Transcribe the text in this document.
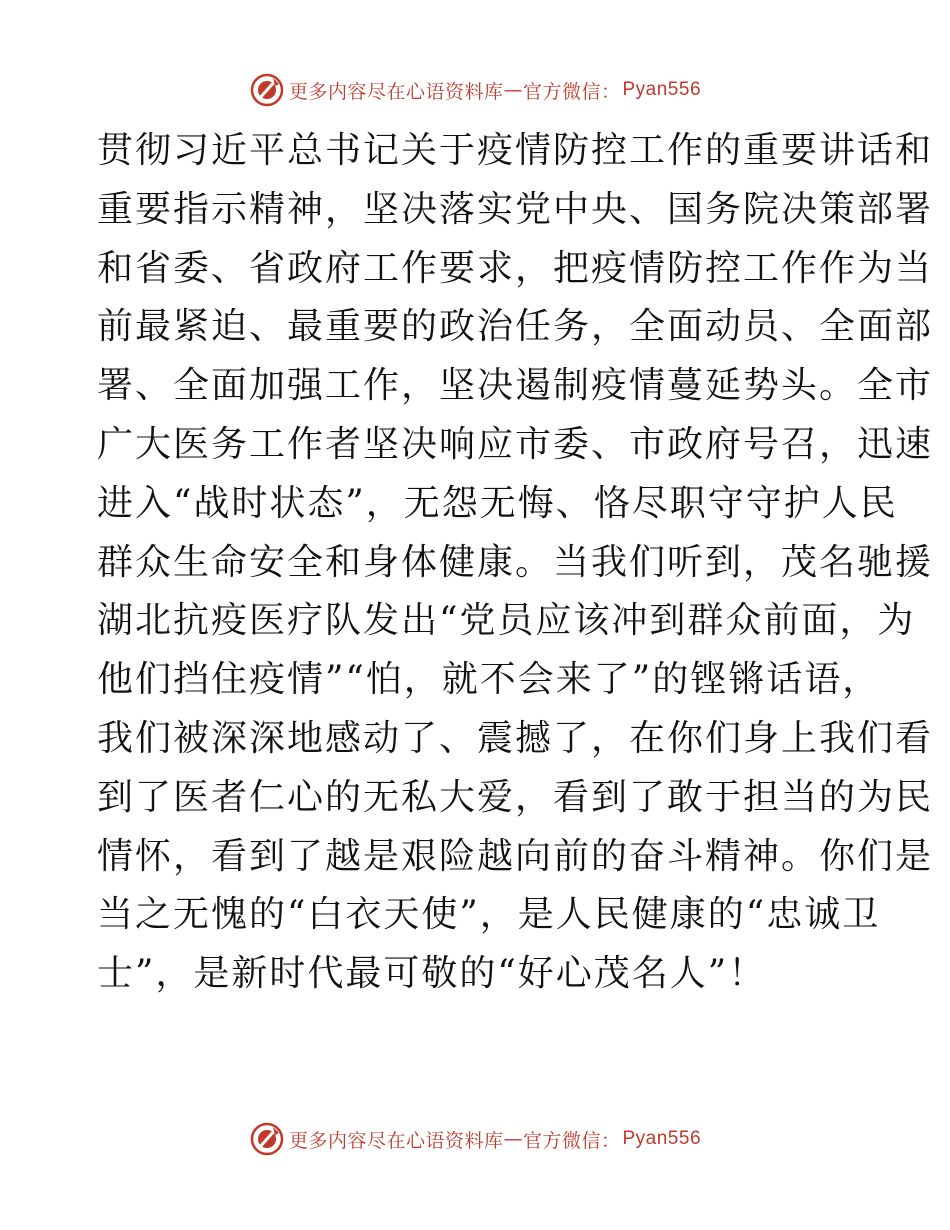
更多内容尽在心语资料库 — 官方微信： Pyan556
贯彻习近平总书记关于疫情防控工作的重要讲话和
重要指示精神，坚决落实党中央、国务院决策部署
和省委、省政府工作要求，把疫情防控工作作为当
前最紧迫、最重要的政治任务，全面动员、全面部
署、全面加强工作，坚决遏制疫情蔓延势头。全市
广大医务工作者坚决响应市委、市政府号召，迅速
进入“战时状态”，无怨无悔、恪尽职守守护人民
群众生命安全和身体健康。当我们听到，茂名驰援
湖北抗疫医疗队发出“党员应该冲到群众前面，为
他们挡住疫情”“怕，就不会来了”的铿锵话语，
我们被深深地感动了、震撼了，在你们身上我们看
到了医者仁心的无私大爱，看到了敢于担当的为民
情怀，看到了越是艰险越向前的奋斗精神。你们是
当之无愧的“白衣天使”，是人民健康的“忠诚卫
士”，是新时代最可敬的“好心茂名人”！
更多内容尽在心语资料库 — 官方微信： Pyan556
